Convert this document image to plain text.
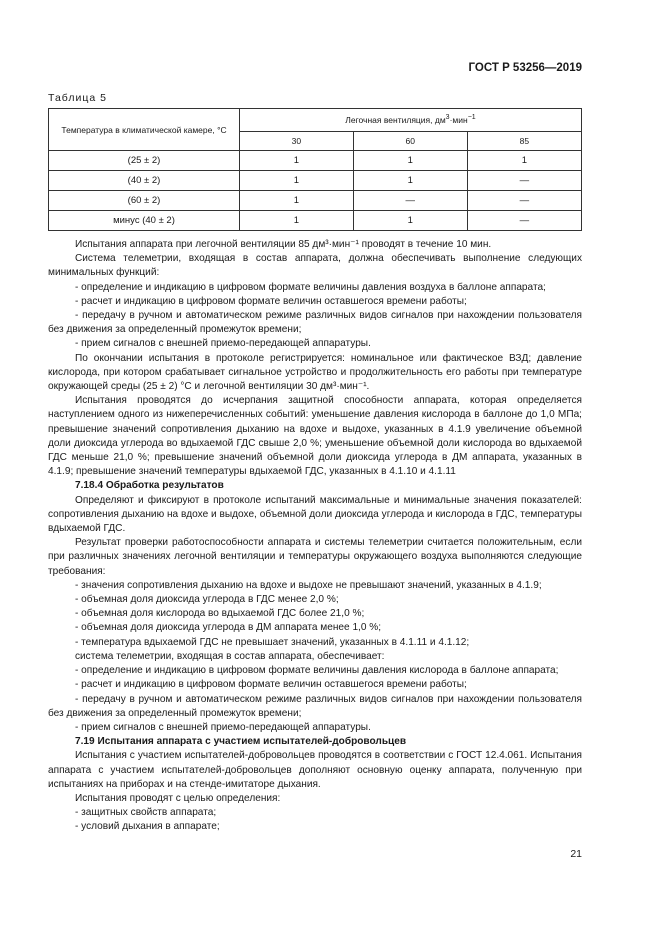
ГОСТ Р 53256—2019
Таблица 5
Температура в климатической камере, °С	Легочная вентиляция, $дм^3\cdot мин^{-1}$
	30	60	85
(25 ± 2)	1	1	1
(40 ± 2)	1	1	—
(60 ± 2)	1	—	—
минус (40 ± 2)	1	1	—

Испытания аппарата при легочной вентиляции 85 дм³·мин⁻¹ проводят в течение 10 мин.

Система телеметрии, входящая в состав аппарата, должна обеспечивать выполнение следующих минимальных функций:

- определение и индикацию в цифровом формате величины давления воздуха в баллоне аппарата;

- расчет и индикацию в цифровом формате величин оставшегося времени работы;

- передачу в ручном и автоматическом режиме различных видов сигналов при нахождении пользователя без движения за определенный промежуток времени;

- прием сигналов с внешней приемо-передающей аппаратуры.

По окончании испытания в протоколе регистрируется: номинальное или фактическое ВЗД; давление кислорода, при котором срабатывает сигнальное устройство и продолжительность его работы при температуре окружающей среды (25 ± 2) °С и легочной вентиляции 30 дм³·мин⁻¹.

Испытания проводятся до исчерпания защитной способности аппарата, которая определяется наступлением одного из нижеперечисленных событий: уменьшение давления кислорода в баллоне до 1,0 МПа; превышение значений сопротивления дыханию на вдохе и выдохе, указанных в 4.1.9 увеличение объемной доли диоксида углерода во вдыхаемой ГДС свыше 2,0 %; уменьшение объемной доли кислорода во вдыхаемой ГДС меньше 21,0 %; превышение значений объемной доли диоксида углерода в ДМ аппарата, указанных в 4.1.9; превышение значений температуры вдыхаемой ГДС, указанных в 4.1.10 и 4.1.11

7.18.4 Обработка результатов

Определяют и фиксируют в протоколе испытаний максимальные и минимальные значения показателей: сопротивления дыханию на вдохе и выдохе, объемной доли диоксида углерода и кислорода в ГДС, температуры вдыхаемой ГДС.

Результат проверки работоспособности аппарата и системы телеметрии считается положительным, если при различных значениях легочной вентиляции и температуры окружающего воздуха выполняются следующие требования:

- значения сопротивления дыханию на вдохе и выдохе не превышают значений, указанных в 4.1.9;

- объемная доля диоксида углерода в ГДС менее 2,0 %;

- объемная доля кислорода во вдыхаемой ГДС более 21,0 %;

- объемная доля диоксида углерода в ДМ аппарата менее 1,0 %;

- температура вдыхаемой ГДС не превышает значений, указанных в 4.1.11 и 4.1.12;

система телеметрии, входящая в состав аппарата, обеспечивает:

- определение и индикацию в цифровом формате величины давления кислорода в баллоне аппарата;

- расчет и индикацию в цифровом формате величин оставшегося времени работы;

- передачу в ручном и автоматическом режиме различных видов сигналов при нахождении пользователя без движения за определенный промежуток времени;

- прием сигналов с внешней приемо-передающей аппаратуры.

7.19 Испытания аппарата с участием испытателей-добровольцев

Испытания с участием испытателей-добровольцев проводятся в соответствии с ГОСТ 12.4.061. Испытания аппарата с участием испытателей-добровольцев дополняют основную оценку аппарата, полученную при испытаниях на приборах и на стенде-имитаторе дыхания.

Испытания проводят с целью определения:

- защитных свойств аппарата;

- условий дыхания в аппарате;

21
